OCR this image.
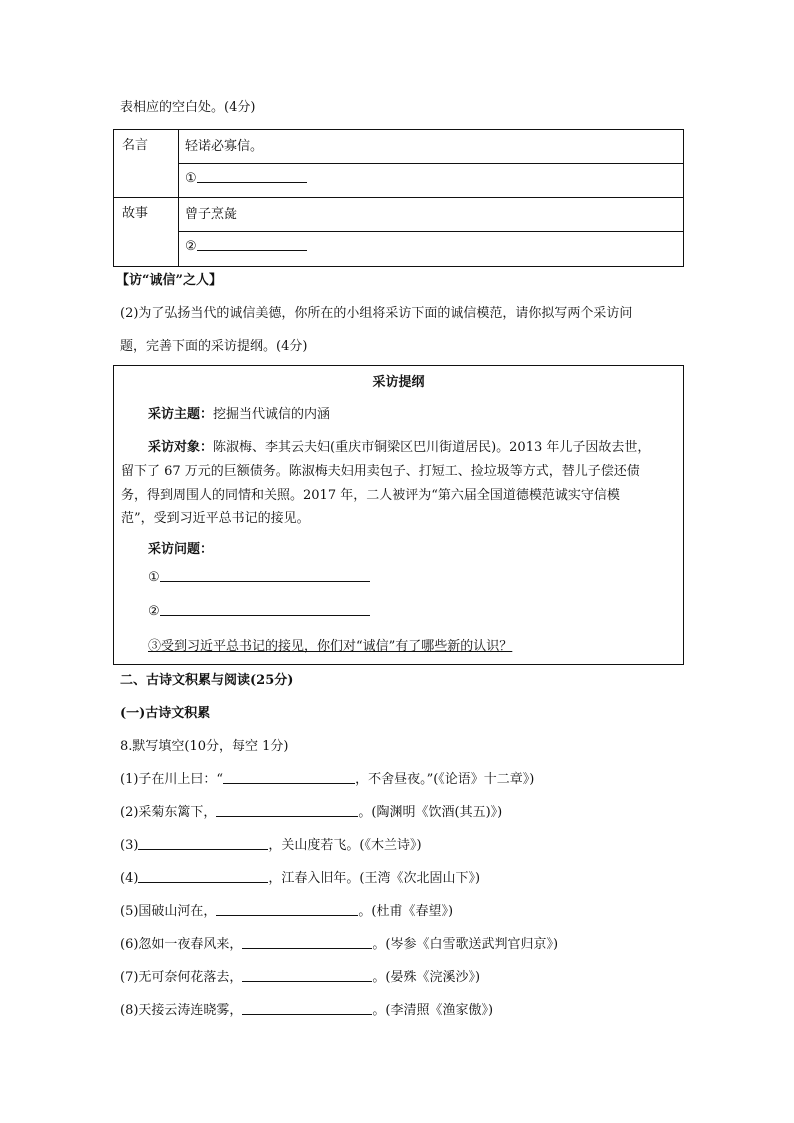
表相应的空白处。(4分)
名言	轻诺必寡信。
①
故事	曾子烹彘
②
【访“诚信”之人】
(2)为了弘扬当代的诚信美德，你所在的小组将采访下面的诚信模范，请你拟写两个采访问
题，完善下面的采访提纲。(4分)
采访提纲
采访主题：挖掘当代诚信的内涵
采访对象：陈淑梅、李其云夫妇(重庆市铜梁区巴川街道居民)。2013 年儿子因故去世，
留下了 67 万元的巨额债务。陈淑梅夫妇用卖包子、打短工、捡垃圾等方式，替儿子偿还债
务，得到周围人的同情和关照。2017 年，二人被评为“第六届全国道德模范诚实守信模
范”，受到习近平总书记的接见。
采访问题：
①
②
③受到习近平总书记的接见，你们对“诚信”有了哪些新的认识？
二、古诗文积累与阅读(25分)
(一)古诗文积累
8.默写填空(10分，每空 1分)
(1)子在川上曰：“	，不舍昼夜。”(《论语》十二章》)
(2)采菊东篱下，	。(陶渊明《饮酒(其五)》)
(3)	，关山度若飞。(《木兰诗》)
(4)	，江春入旧年。(王湾《次北固山下》)
(5)国破山河在，	。(杜甫《春望》)
(6)忽如一夜春风来，	。(岑参《白雪歌送武判官归京》)
(7)无可奈何花落去，	。(晏殊《浣溪沙》)
(8)天接云涛连晓雾，	。(李清照《渔家傲》)
